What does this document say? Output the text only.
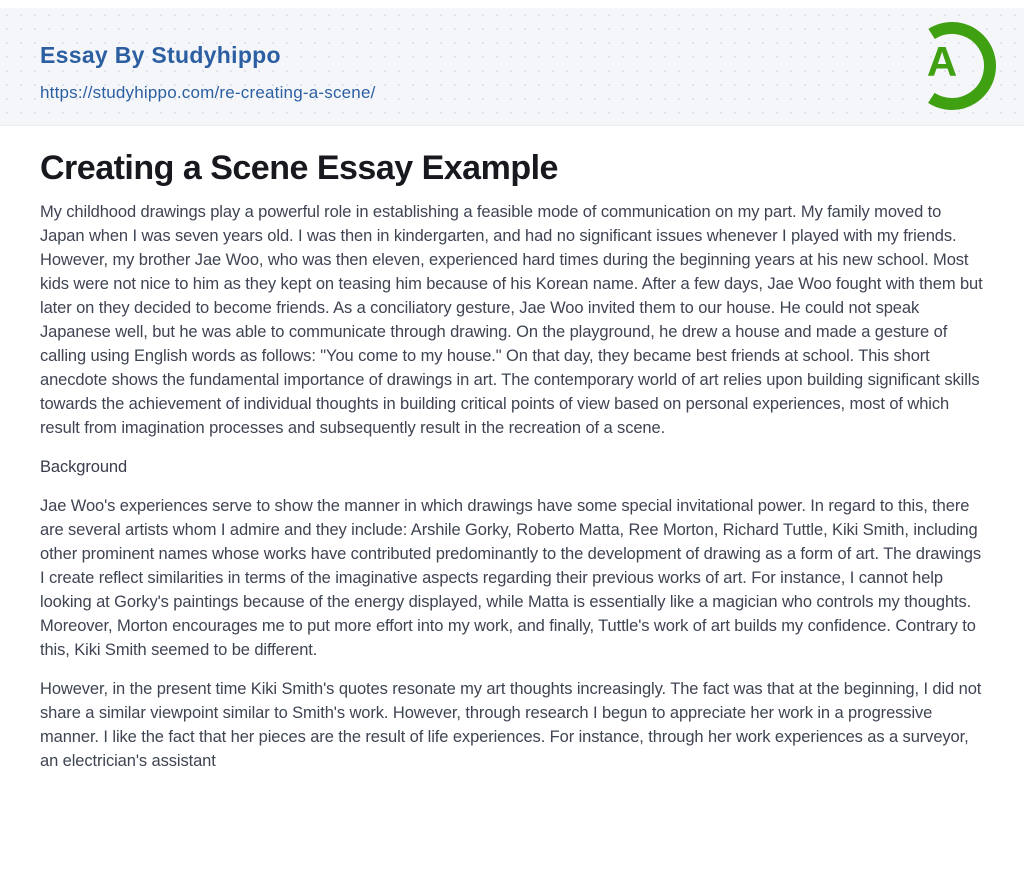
Essay By Studyhippo
https://studyhippo.com/re-creating-a-scene/
A
Creating a Scene Essay Example

My childhood drawings play a powerful role in establishing a feasible mode of communication on my part. My family moved to Japan when I was seven years old. I was then in kindergarten, and had no significant issues whenever I played with my friends. However, my brother Jae Woo, who was then eleven, experienced hard times during the beginning years at his new school. Most kids were not nice to him as they kept on teasing him because of his Korean name. After a few days, Jae Woo fought with them but later on they decided to become friends. As a conciliatory gesture, Jae Woo invited them to our house. He could not speak Japanese well, but he was able to communicate through drawing. On the playground, he drew a house and made a gesture of calling using English words as follows: "You come to my house." On that day, they became best friends at school. This short anecdote shows the fundamental importance of drawings in art. The contemporary world of art relies upon building significant skills towards the achievement of individual thoughts in building critical points of view based on personal experiences, most of which result from imagination processes and subsequently result in the recreation of a scene.

Background

Jae Woo's experiences serve to show the manner in which drawings have some special invitational power. In regard to this, there are several artists whom I admire and they include: Arshile Gorky, Roberto Matta, Ree Morton, Richard Tuttle, Kiki Smith, including other prominent names whose works have contributed predominantly to the development of drawing as a form of art. The drawings I create reflect similarities in terms of the imaginative aspects regarding their previous works of art. For instance, I cannot help looking at Gorky's paintings because of the energy displayed, while Matta is essentially like a magician who controls my thoughts. Moreover, Morton encourages me to put more effort into my work, and finally, Tuttle's work of art builds my confidence. Contrary to this, Kiki Smith seemed to be different.

However, in the present time Kiki Smith's quotes resonate my art thoughts increasingly. The fact was that at the beginning, I did not share a similar viewpoint similar to Smith's work. However, through research I begun to appreciate her work in a progressive manner. I like the fact that her pieces are the result of life experiences. For instance, through her work experiences as a surveyor, an electrician's assistant
